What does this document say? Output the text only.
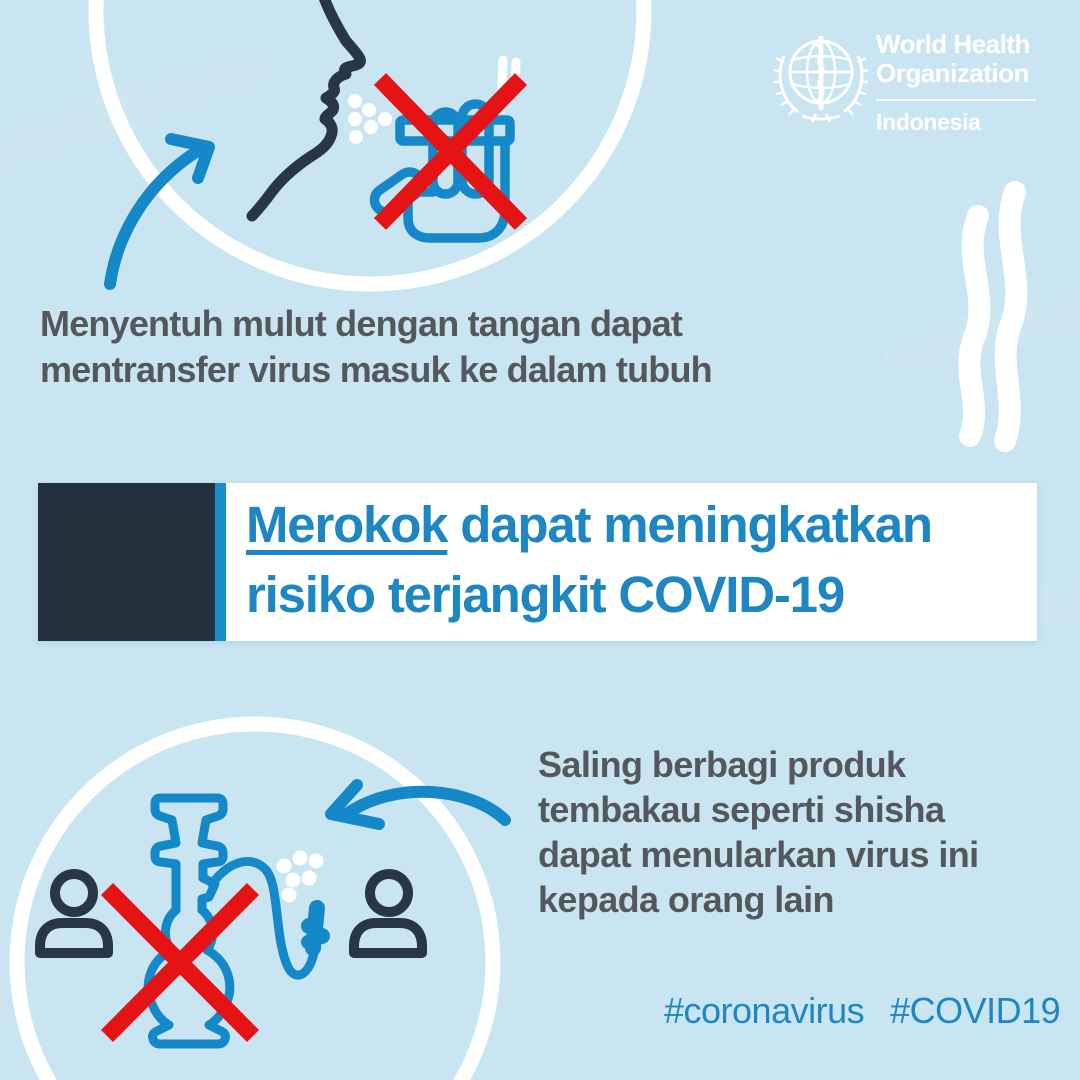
World Health
Organization
Indonesia
Menyentuh mulut dengan tangan dapat
mentransfer virus masuk ke dalam tubuh
Merokok dapat meningkatkan
risiko terjangkit COVID-19
Saling berbagi produk
tembakau seperti shisha
dapat menularkan virus ini
kepada orang lain
#coronavirus #COVID19
